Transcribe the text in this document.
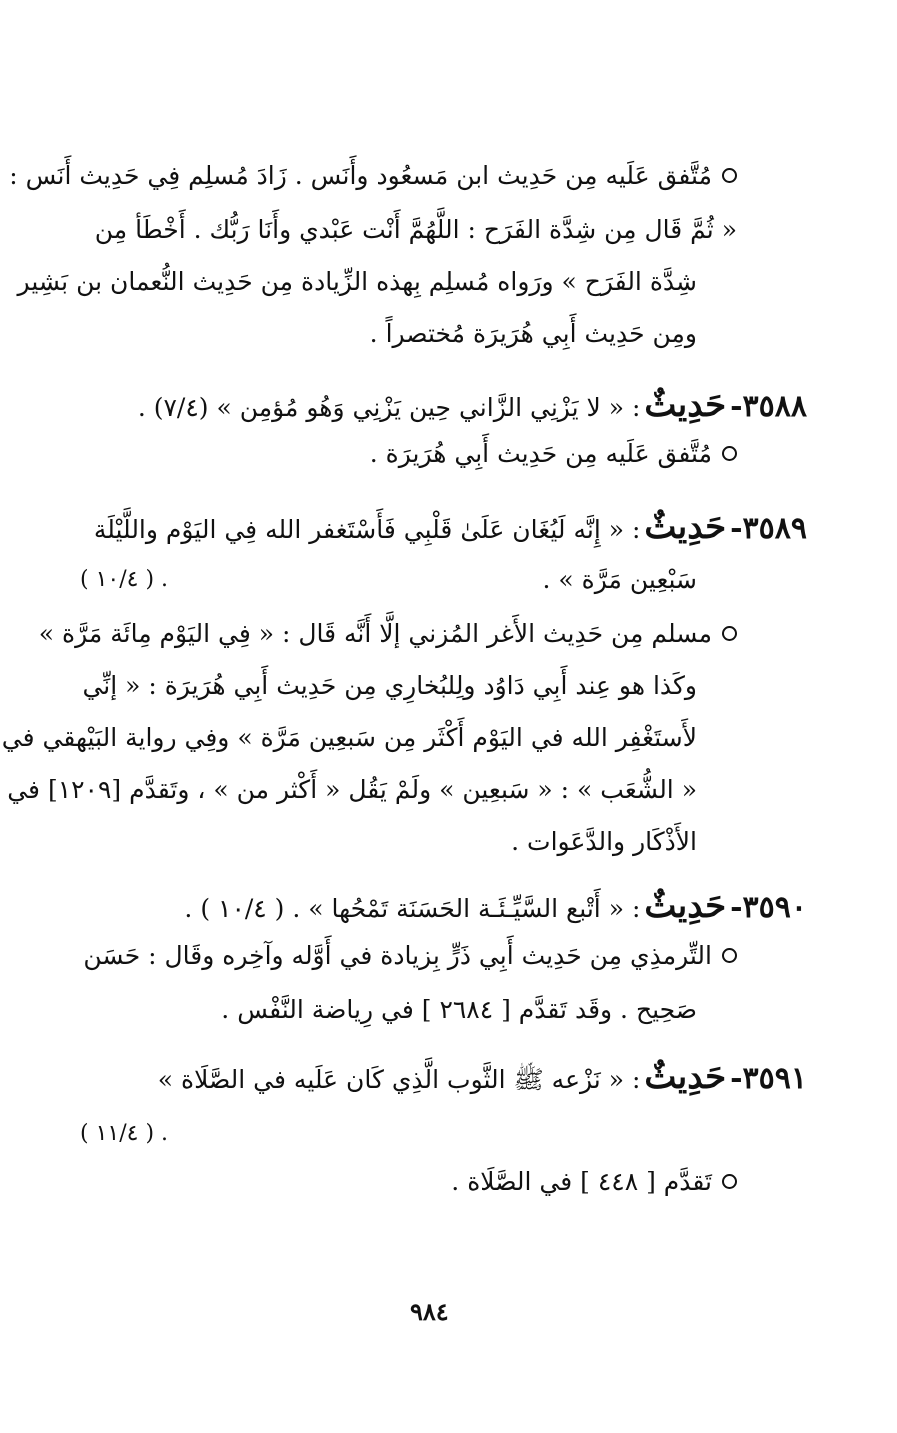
مُتَّفق عَلَيه مِن حَدِيث ابن مَسعُود وأَنَس . زَادَ مُسلِم فِي حَدِيث أَنَس :
« ثُمَّ قَال مِن شِدَّة الفَرَح : اللَّهُمَّ أَنْت عَبْدي وأَنَا رَبُّك . أَخْطَأ مِن
شِدَّة الفَرَح » ورَواه مُسلِم بِهذه الزِّيادة مِن حَدِيث النُّعمان بن بَشِير
ومِن حَدِيث أَبِي هُرَيرَة مُختصراً .
٣٥٨٨-حَدِيثٌ: « لا يَزْنِي الزَّاني حِين يَزْنِي وَهُو مُؤمِن » (٧/٤) .
مُتَّفق عَلَيه مِن حَدِيث أَبِي هُرَيرَة .
٣٥٨٩-حَدِيثٌ: « إِنَّه لَيُغَان عَلَىٰ قَلْبِي فَأَسْتَغفر الله فِي اليَوْم واللَّيْلَة
سَبْعِين مَرَّة » .
( ١٠/٤ ) .
مسلم مِن حَدِيث الأَغر المُزني إلَّا أَنَّه قَال : « فِي اليَوْم مِائَة مَرَّة »
وكَذا هو عِند أَبِي دَاوُد ولِلبُخارِي مِن حَدِيث أَبِي هُرَيرَة : « إنِّي
لأَستَغْفِر الله في اليَوْم أَكْثَر مِن سَبعِين مَرَّة » وفِي رواية البَيْهقي في
« الشُّعَب » : « سَبعِين » ولَمْ يَقُل « أَكْثر من » ، وتَقدَّم [١٢٠٩] في
الأَذْكَار والدَّعَوات .
٣٥٩٠-حَدِيثٌ: « أَتْبع السَّيِّـئَـة الحَسَنَة تَمْحُها » . ( ١٠/٤ ) .
التِّرمذِي مِن حَدِيث أَبِي ذَرٍّ بِزيادة في أَوَّله وآخِره وقَال : حَسَن
صَحِيح . وقَد تَقدَّم [ ٢٦٨٤ ] في رِياضة النَّفْس .
٣٥٩١-حَدِيثٌ: « نَزْعه ﷺ الثَّوب الَّذِي كَان عَلَيه في الصَّلَاة »
( ١١/٤ ) .
تَقدَّم [ ٤٤٨ ] في الصَّلَاة .
٩٨٤
